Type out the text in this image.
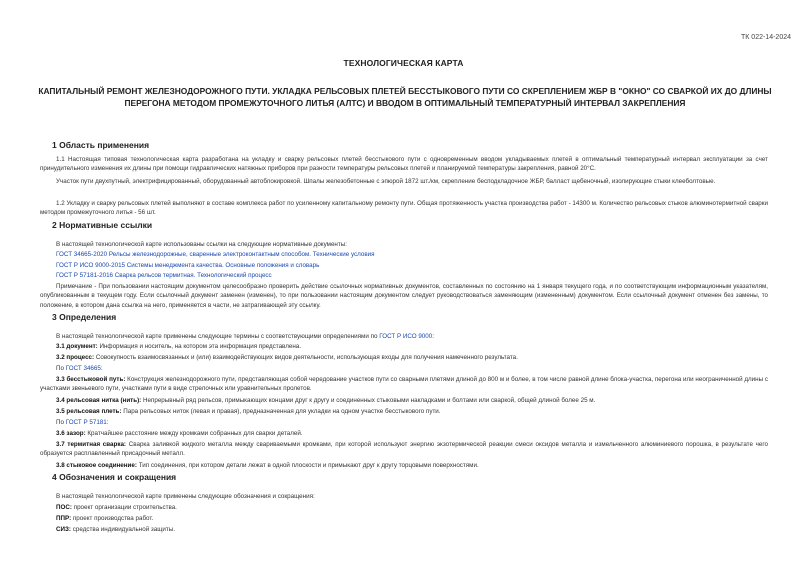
ТК 022-14-2024
ТЕХНОЛОГИЧЕСКАЯ КАРТА
КАПИТАЛЬНЫЙ РЕМОНТ ЖЕЛЕЗНОДОРОЖНОГО ПУТИ. УКЛАДКА РЕЛЬСОВЫХ ПЛЕТЕЙ БЕССТЫКОВОГО ПУТИ СО СКРЕПЛЕНИЕМ ЖБР В "ОКНО" СО СВАРКОЙ ИХ ДО ДЛИНЫ ПЕРЕГОНА МЕТОДОМ ПРОМЕЖУТОЧНОГО ЛИТЬЯ (АЛТС) И ВВОДОМ В ОПТИМАЛЬНЫЙ ТЕМПЕРАТУРНЫЙ ИНТЕРВАЛ ЗАКРЕПЛЕНИЯ
1 Область применения
1.1 Настоящая типовая технологическая карта разработана на укладку и сварку рельсовых плетей бесстыкового пути с одновременным вводом укладываемых плетей в оптимальный температурный интервал эксплуатации за счет принудительного изменения их длины при помощи гидравлических натяжных приборов при разности температуры рельсовых плетей и планируемой температуры закрепления, равной 20°С.
Участок пути двухпутный, электрифицированный, оборудованный автоблокировкой. Шпалы железобетонные с эпюрой 1872 шт./км, скрепление бесподкладочное ЖБР, балласт щебеночный, изолирующие стыки клееболтовые.
1.2 Укладку и сварку рельсовых плетей выполняют в составе комплекса работ по усиленному капитальному ремонту пути. Общая протяженность участка производства работ - 14300 м. Количество рельсовых стыков алюминотермитной сварки методом промежуточного литья - 56 шт.
2 Нормативные ссылки
В настоящей технологической карте использованы ссылки на следующие нормативные документы:
ГОСТ 34665-2020 Рельсы железнодорожные, сваренные электроконтактным способом. Технические условия
ГОСТ Р ИСО 9000-2015 Системы менеджмента качества. Основные положения и словарь
ГОСТ Р 57181-2016 Сварка рельсов термитная. Технологический процесс
Примечание - При пользовании настоящим документом целесообразно проверить действие ссылочных нормативных документов, составленных по состоянию на 1 января текущего года, и по соответствующим информационным указателям, опубликованным в текущем году. Если ссылочный документ заменен (изменен), то при пользовании настоящим документом следует руководствоваться заменяющим (измененным) документом. Если ссылочный документ отменен без замены, то положение, в котором дана ссылка на него, применяется в части, не затрагивающей эту ссылку.
3 Определения
В настоящей технологической карте применены следующие термины с соответствующими определениями по ГОСТ Р ИСО 9000:
3.1 документ: Информация и носитель, на котором эта информация представлена.
3.2 процесс: Совокупность взаимосвязанных и (или) взаимодействующих видов деятельности, использующая входы для получения намеченного результата.
По ГОСТ 34665:
3.3 бесстыковой путь: Конструкция железнодорожного пути, представляющая собой чередование участков пути со сварными плетями длиной до 800 м и более, в том числе равной длине блока-участка, перегона или неограниченной длины с участками звеньевого пути, участками пути в виде стрелочных или уравнительных пролетов.
3.4 рельсовая нитка (нить): Непрерывный ряд рельсов, примыкающих концами друг к другу и соединенных стыковыми накладками и болтами или сваркой, общей длиной более 25 м.
3.5 рельсовая плеть: Пара рельсовых ниток (левая и правая), предназначенная для укладки на одном участке бесстыкового пути.
По ГОСТ Р 57181:
3.6 зазор: Кратчайшее расстояние между кромками собранных для сварки деталей.
3.7 термитная сварка: Сварка заливкой жидкого металла между свариваемыми кромками, при которой используют энергию экзотермической реакции смеси оксидов металла и измельченного алюминиевого порошка, в результате чего образуется расплавленный присадочный металл.
3.8 стыковое соединение: Тип соединения, при котором детали лежат в одной плоскости и примыкают друг к другу торцовыми поверхностями.
4 Обозначения и сокращения
В настоящей технологической карте применены следующие обозначения и сокращения:
ПОС: проект организации строительства.
ППР: проект производства работ.
СИЗ: средства индивидуальной защиты.
